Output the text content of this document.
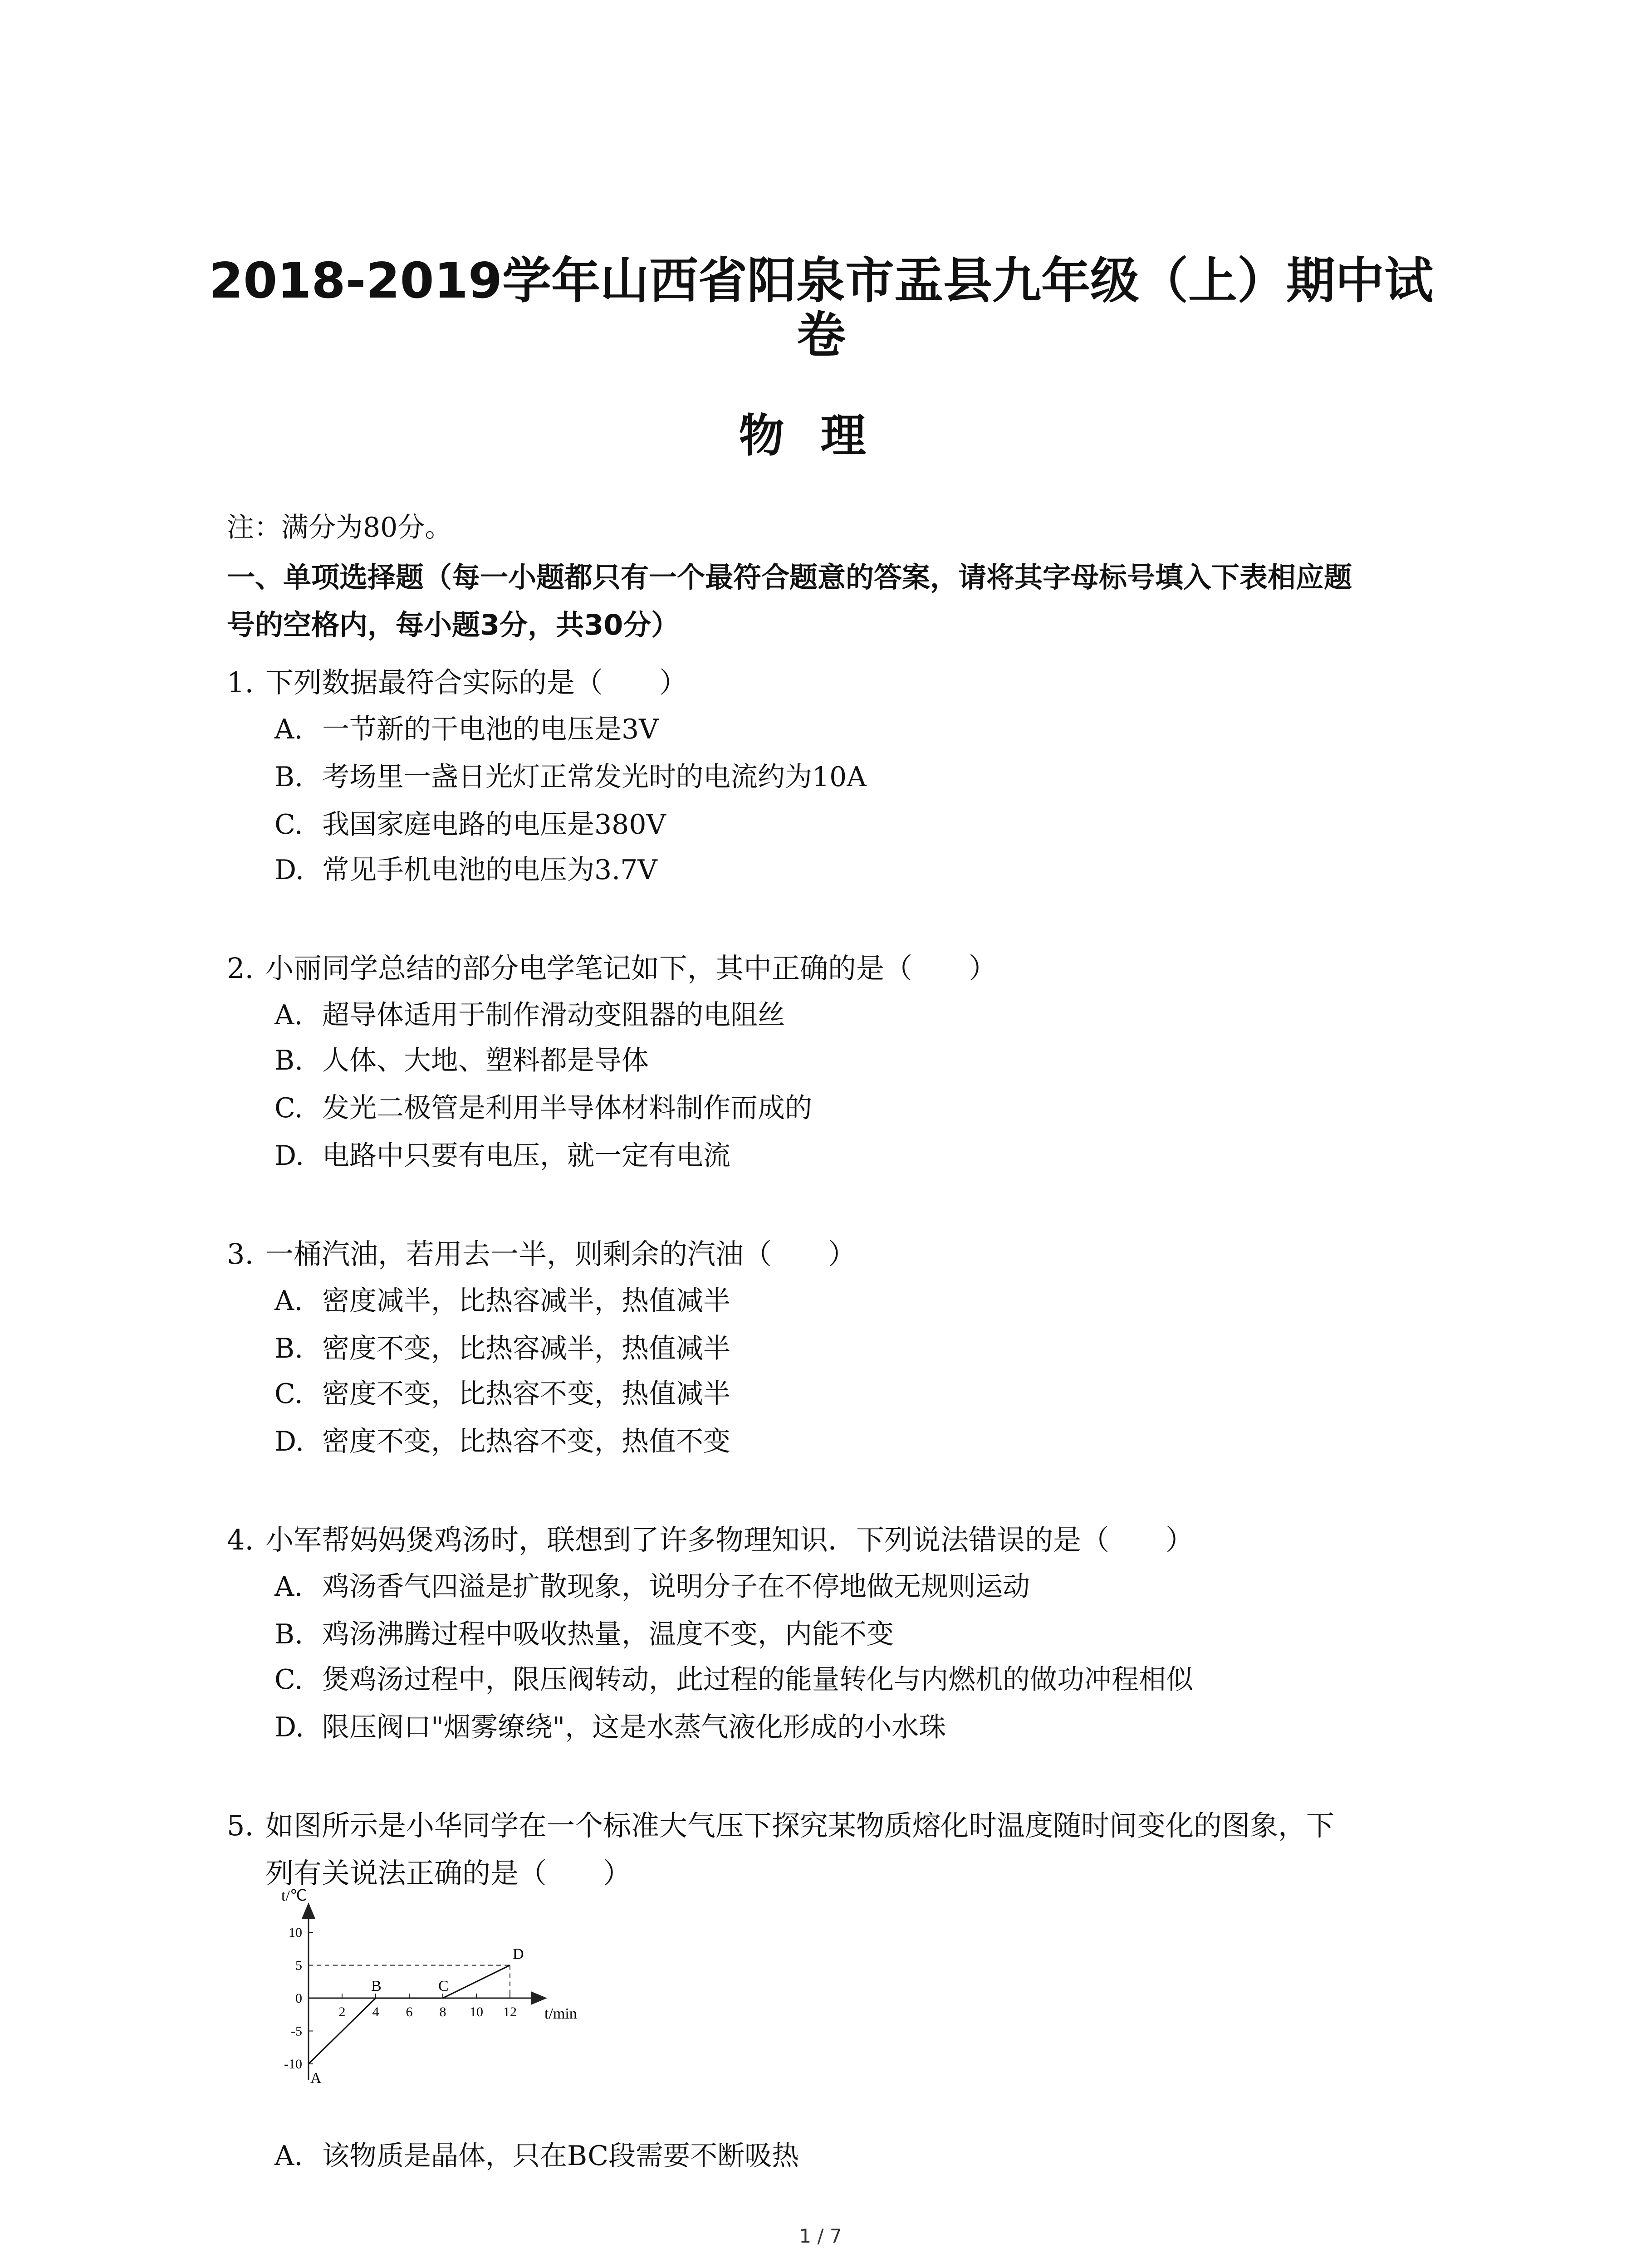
2018-2019学年山西省阳泉市盂县九年级（上）期中试
卷
物理
注：满分为80分。
一、单项选择题（每一小题都只有一个最符合题意的答案，请将其字母标号填入下表相应题
号的空格内，每小题3分，共30分）
1. 下列数据最符合实际的是（　　）
A. 一节新的干电池的电压是3V
B. 考场里一盏日光灯正常发光时的电流约为10A
C. 我国家庭电路的电压是380V
D. 常见手机电池的电压为3.7V
2. 小丽同学总结的部分电学笔记如下，其中正确的是（　　）
A. 超导体适用于制作滑动变阻器的电阻丝
B. 人体、大地、塑料都是导体
C. 发光二极管是利用半导体材料制作而成的
D. 电路中只要有电压，就一定有电流
3. 一桶汽油，若用去一半，则剩余的汽油（　　）
A. 密度减半，比热容减半，热值减半
B. 密度不变，比热容减半，热值减半
C. 密度不变，比热容不变，热值减半
D. 密度不变，比热容不变，热值不变
4. 小军帮妈妈煲鸡汤时，联想到了许多物理知识．下列说法错误的是（　　）
A. 鸡汤香气四溢是扩散现象，说明分子在不停地做无规则运动
B. 鸡汤沸腾过程中吸收热量，温度不变，内能不变
C. 煲鸡汤过程中，限压阀转动，此过程的能量转化与内燃机的做功冲程相似
D. 限压阀口"烟雾缭绕"，这是水蒸气液化形成的小水珠
5. 如图所示是小华同学在一个标准大气压下探究某物质熔化时温度随时间变化的图象，下
列有关说法正确的是（　　）
t/℃
t/min
2 4 6 8 10 12
10
5
0
-5
-10
A
B	C
D
A. 该物质是晶体，只在BC段需要不断吸热
1 / 7
